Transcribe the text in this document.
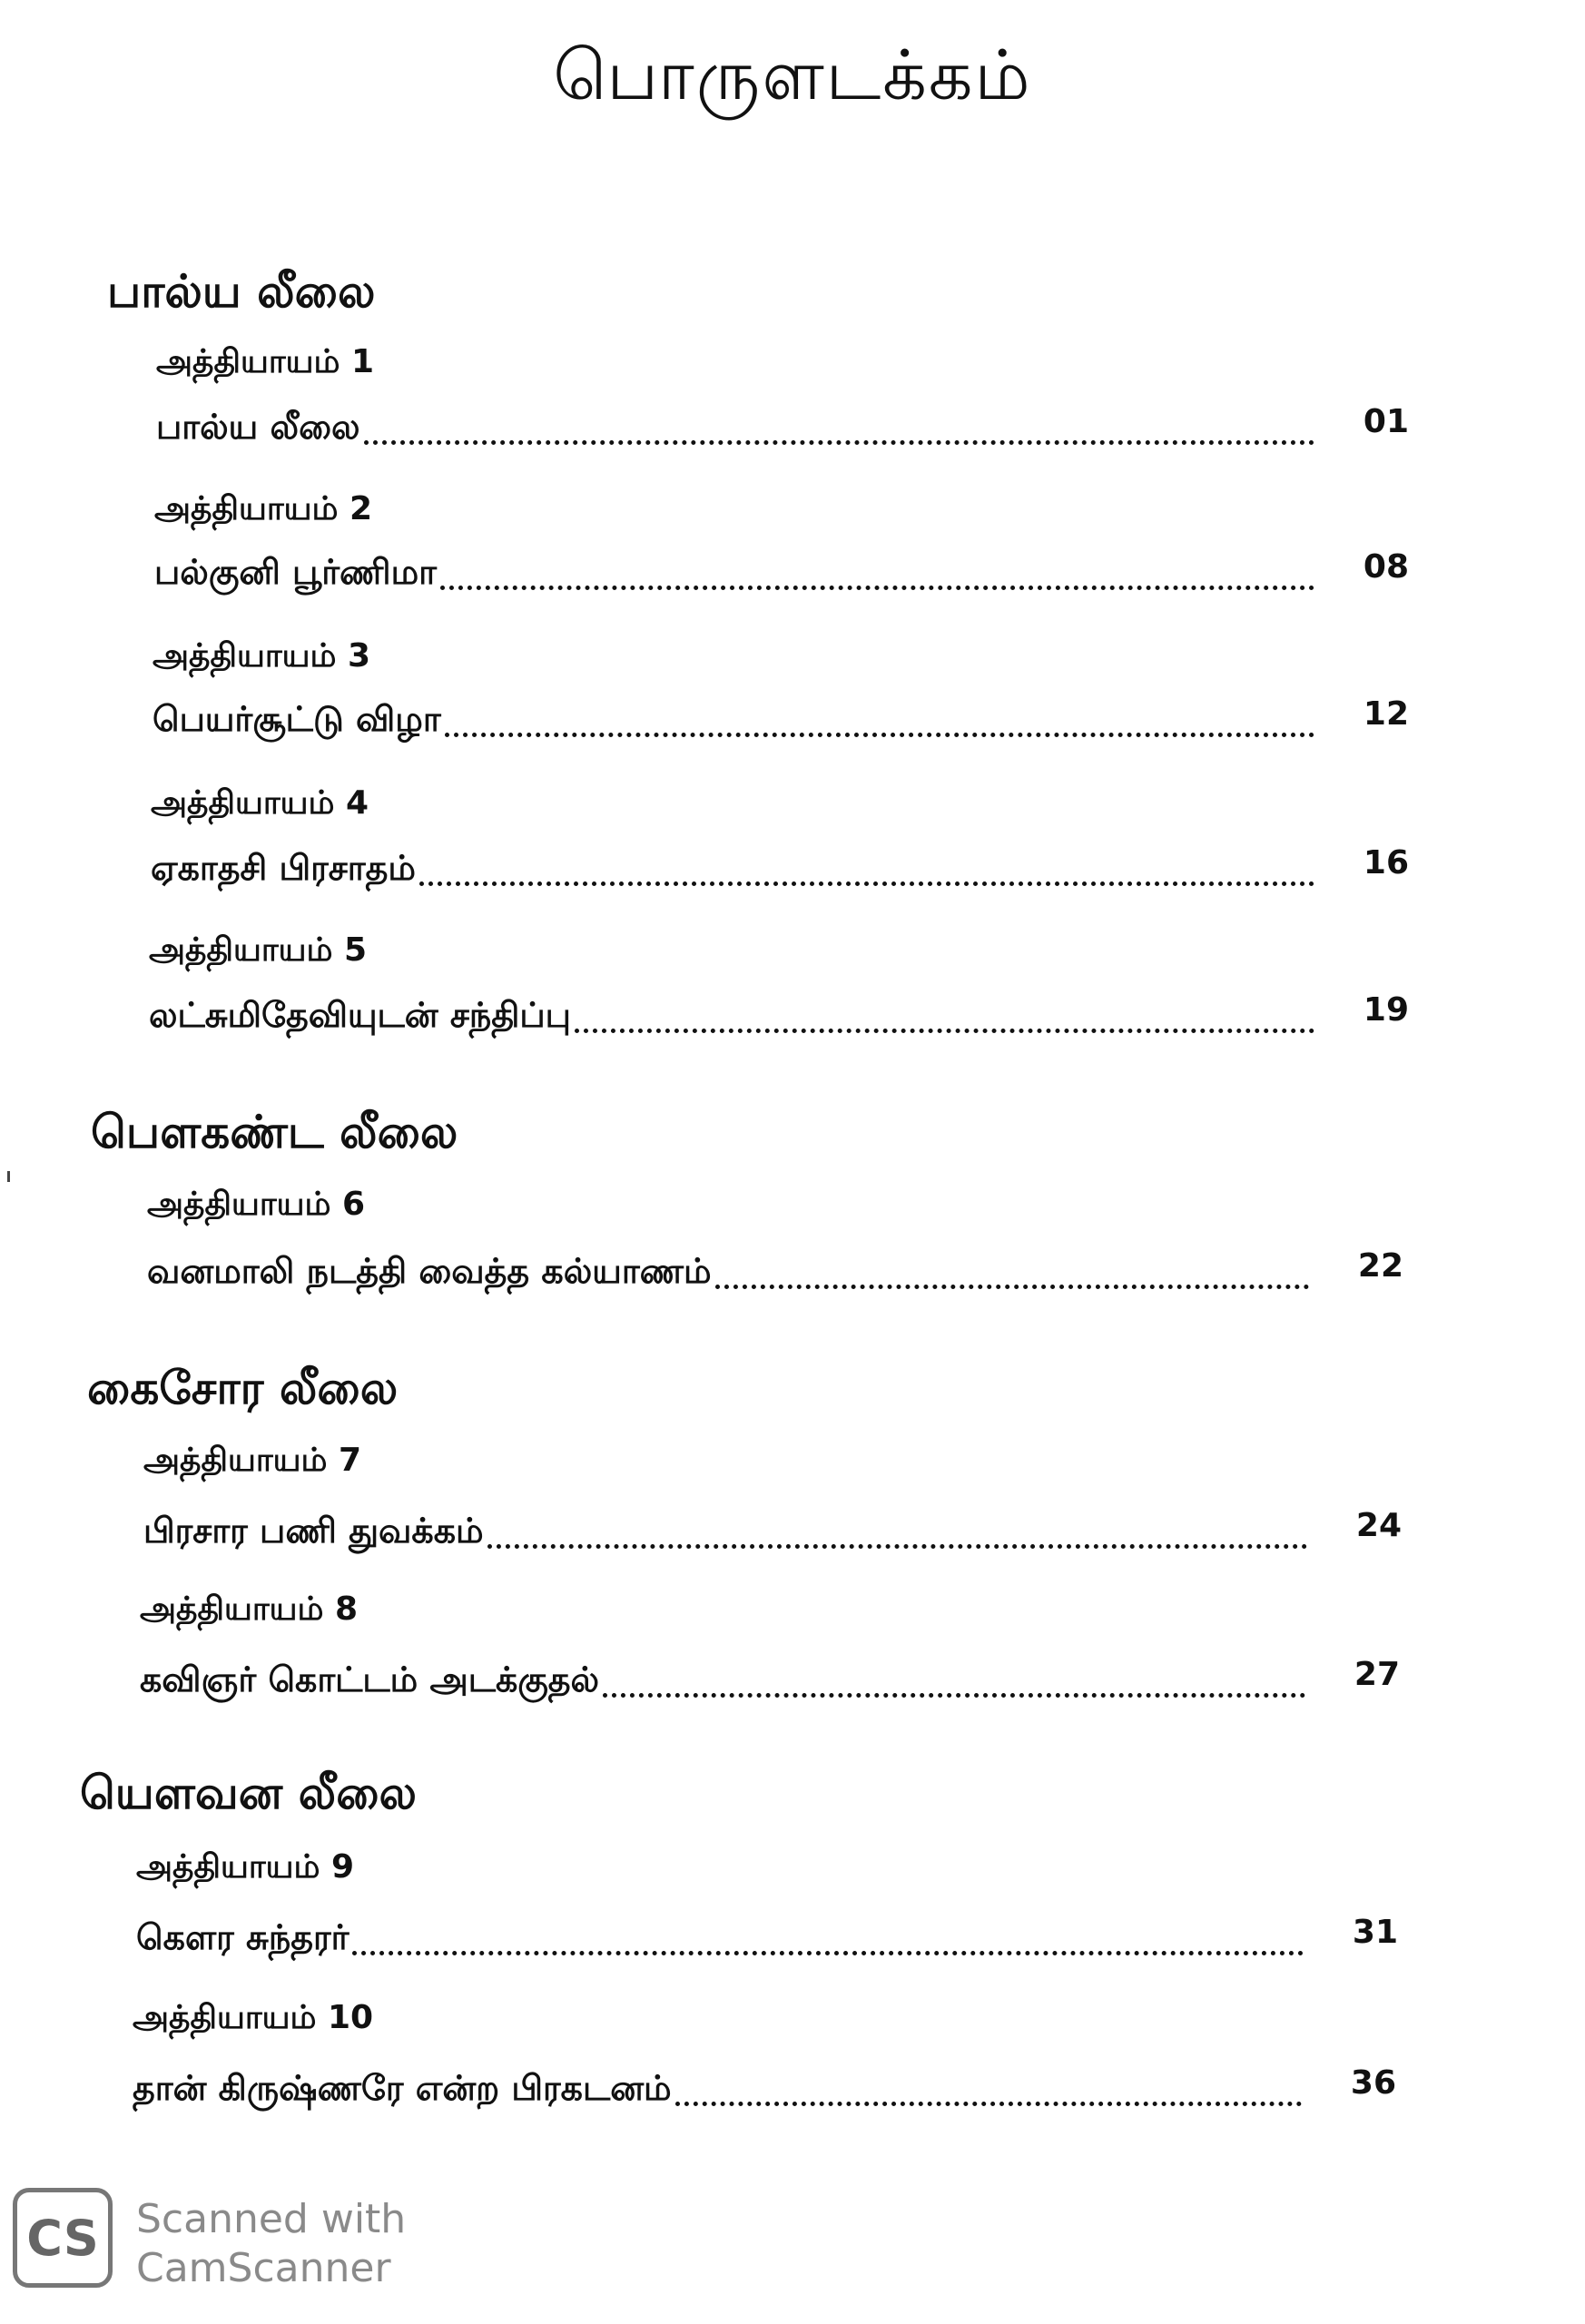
பொருளடக்கம்
பால்ய லீலை
அத்தியாயம் 1
பால்ய லீலை	01
அத்தியாயம் 2
பல்குனி பூர்ணிமா	08
அத்தியாயம் 3
பெயர்சூட்டு விழா	12
அத்தியாயம் 4
ஏகாதசி பிரசாதம்	16
அத்தியாயம் 5
லட்சுமிதேவியுடன் சந்திப்பு	19
பௌகண்ட லீலை
அத்தியாயம் 6
வனமாலி நடத்தி வைத்த கல்யாணம்	22
கைசோர லீலை
அத்தியாயம் 7
பிரசார பணி துவக்கம்	24
அத்தியாயம் 8
கவிஞர் கொட்டம் அடக்குதல்	27
யௌவன லீலை
அத்தியாயம் 9
கௌர சுந்தரர்	31
அத்தியாயம் 10
தான் கிருஷ்ணரே என்ற பிரகடனம்	36
CS Scanned with
CamScanner
